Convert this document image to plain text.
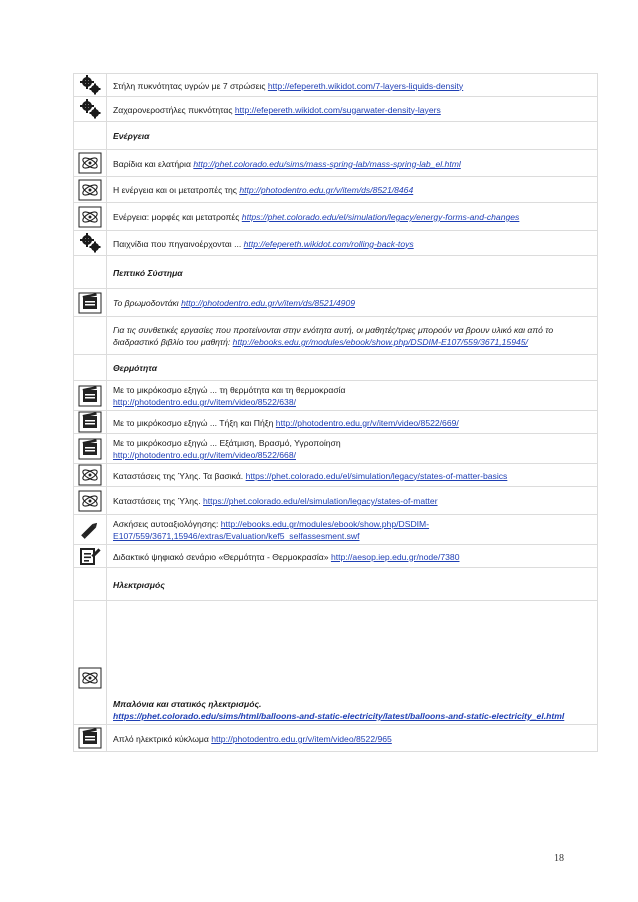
	Στήλη πυκνότητας υγρών με 7 στρώσεις http://efepereth.wikidot.com/7-layers-liquids-density
	Ζαχαρονεροστήλες πυκνότητας http://efepereth.wikidot.com/sugarwater-density-layers
	Ενέργεια
	Βαρίδια και ελατήρια http://phet.colorado.edu/sims/mass-spring-lab/mass-spring-lab_el.html
	Η ενέργεια και οι μετατροπές της http://photodentro.edu.gr/v/item/ds/8521/8464
	Ενέργεια: μορφές και μετατροπές https://phet.colorado.edu/el/simulation/legacy/energy-forms-and-changes
	Παιχνίδια που πηγαινοέρχονται ... http://efepereth.wikidot.com/rolling-back-toys
	Πεπτικό Σύστημα
	Το βρωμοδοντάκι http://photodentro.edu.gr/v/item/ds/8521/4909
	Για τις συνθετικές εργασίες που προτείνονται στην ενότητα αυτή, οι μαθητές/τριες μπορούν να βρουν υλικό και από το διαδραστικό βιβλίο του μαθητή: http://ebooks.edu.gr/modules/ebook/show.php/DSDIM-E107/559/3671,15945/
	Θερμότητα
	Με το μικρόκοσμο εξηγώ ... τη θερμότητα και τη θερμοκρασία
http://photodentro.edu.gr/v/item/video/8522/638/
	Με το μικρόκοσμο εξηγώ ... Τήξη και Πήξη http://photodentro.edu.gr/v/item/video/8522/669/
	Με το μικρόκοσμο εξηγώ ... Εξάτμιση, Βρασμό, Υγροποίηση
http://photodentro.edu.gr/v/item/video/8522/668/
	Καταστάσεις της Ύλης. Τα βασικά. https://phet.colorado.edu/el/simulation/legacy/states-of-matter-basics
	Καταστάσεις της Ύλης. https://phet.colorado.edu/el/simulation/legacy/states-of-matter
	Ασκήσεις αυτοαξιολόγησης: http://ebooks.edu.gr/modules/ebook/show.php/DSDIM-E107/559/3671,15946/extras/Evaluation/kef5_selfassesment.swf
	Διδακτικό ψηφιακό σενάριο «Θερμότητα - Θερμοκρασία» http://aesop.iep.edu.gr/node/7380
	Ηλεκτρισμός
	Μπαλόνια και στατικός ηλεκτρισμός.
https://phet.colorado.edu/sims/html/balloons-and-static-electricity/latest/balloons-and-static-electricity_el.html
	Απλό ηλεκτρικό κύκλωμα http://photodentro.edu.gr/v/item/video/8522/965
18
